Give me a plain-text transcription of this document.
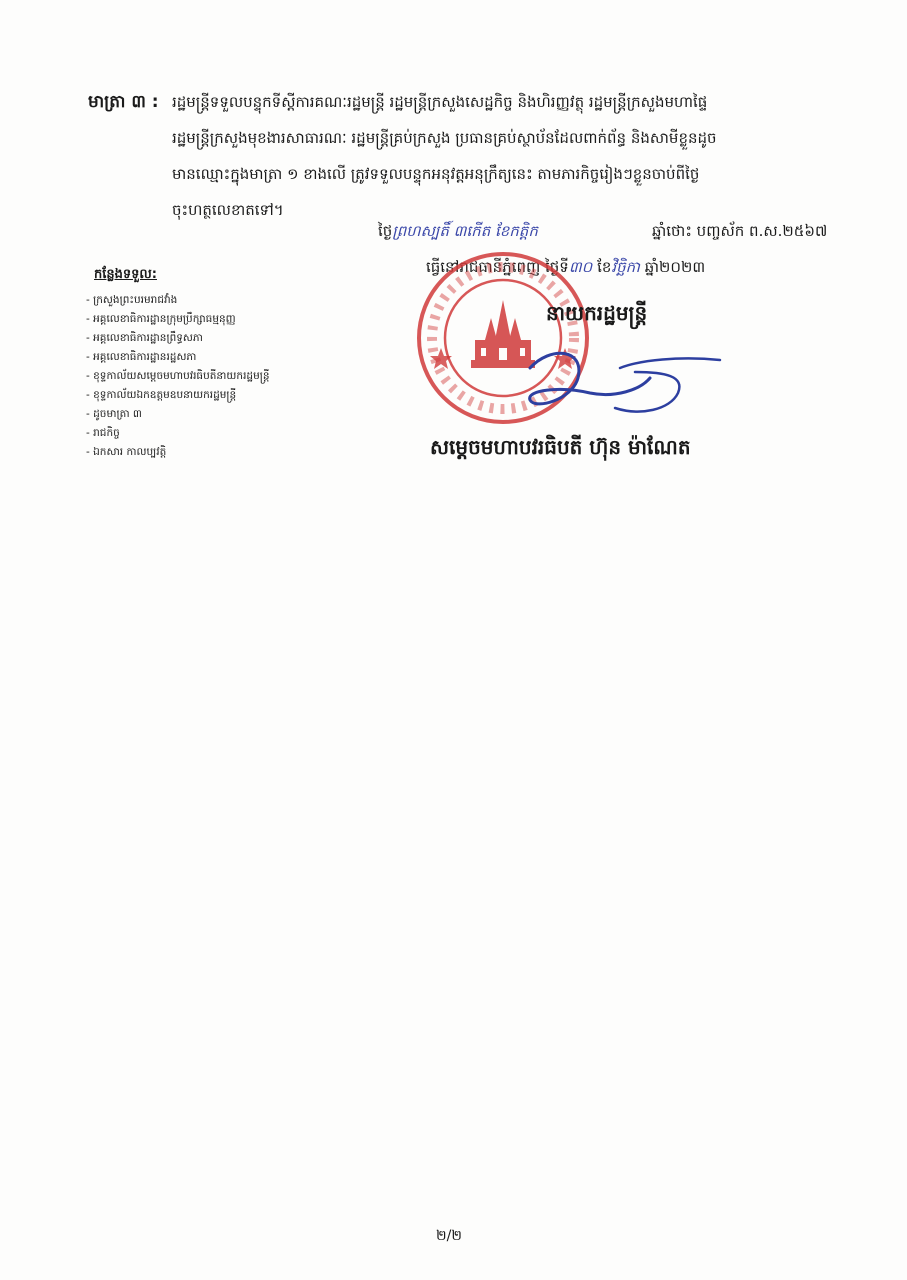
មាត្រា ៣ : រដ្ឋមន្ត្រីទទួលបន្ទុកទីស្តីការគណៈរដ្ឋមន្ត្រី រដ្ឋមន្ត្រីក្រសួងសេដ្ឋកិច្ច និងហិរញ្ញវត្ថុ រដ្ឋមន្ត្រីក្រសួងមហាផ្ទៃ
រដ្ឋមន្ត្រីក្រសួងមុខងារសាធារណៈ រដ្ឋមន្ត្រីគ្រប់ក្រសួង ប្រធានគ្រប់ស្ថាប័នដែលពាក់ព័ន្ធ និងសាមីខ្លួនដូច
មានឈ្មោះក្នុងមាត្រា ១ ខាងលើ ត្រូវទទួលបន្ទុកអនុវត្តអនុក្រឹត្យនេះ តាមភារកិច្ចរៀងៗខ្លួនចាប់ពីថ្ងៃ
ចុះហត្ថលេខាតទៅ។
ថ្ងៃព្រហស្បតិ៍ ៣កើត ខែកត្តិក	ឆ្នាំថោះ បញ្ចស័ក ព.ស.២៥៦៧
ធ្វើនៅរាជធានីភ្នំពេញ ថ្ងៃទី៣០ ខែវិច្ឆិកា ឆ្នាំ២០២៣
កន្លែងទទួល:
- ក្រសួងព្រះបរមរាជវាំង
- អគ្គលេខាធិការដ្ឋានក្រុមប្រឹក្សាធម្មនុញ្ញ
- អគ្គលេខាធិការដ្ឋានព្រឹទ្ធសភា
- អគ្គលេខាធិការដ្ឋានរដ្ឋសភា
- ខុទ្ទកាល័យសម្តេចមហាបវរធិបតីនាយករដ្ឋមន្ត្រី
- ខុទ្ទកាល័យឯកឧត្តមឧបនាយករដ្ឋមន្ត្រី
- ដូចមាត្រា ៣
- រាជកិច្ច
- ឯកសារ កាលប្បវត្តិ
នាយករដ្ឋមន្ត្រី
សម្តេចមហាបវរធិបតី ហ៊ុន ម៉ាណែត
២/២
